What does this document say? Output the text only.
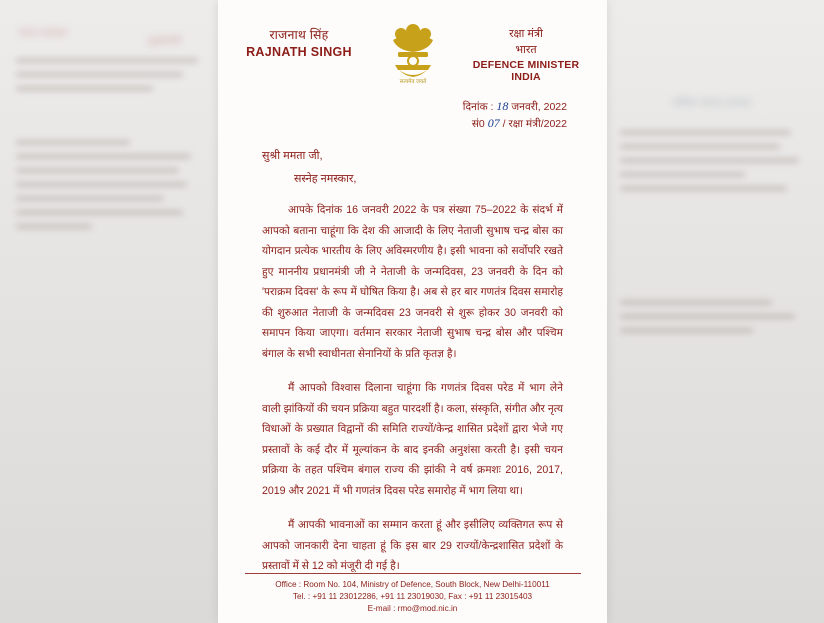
भारत सरकार
मुख्यमंत्री
पश्चिम बंगाल सरकार
राजनाथ सिंह
RAJNATH SINGH
सत्यमेव जयते
रक्षा मंत्री
भारत
DEFENCE MINISTER
INDIA
दिनांक : 18 जनवरी, 2022
सं0 07 / रक्षा मंत्री/2022
सुश्री ममता जी,
सस्नेह नमस्कार,
आपके दिनांक 16 जनवरी 2022 के पत्र संख्या 75–2022 के संदर्भ में आपको बताना चाहूंगा कि देश की आजादी के लिए नेताजी सुभाष चन्द्र बोस का योगदान प्रत्येक भारतीय के लिए अविस्मरणीय है। इसी भावना को सर्वोपरि रखते हुए माननीय प्रधानमंत्री जी ने नेताजी के जन्मदिवस, 23 जनवरी के दिन को 'पराक्रम दिवस' के रूप में घोषित किया है। अब से हर बार गणतंत्र दिवस समारोह की शुरुआत नेताजी के जन्मदिवस 23 जनवरी से शुरू होकर 30 जनवरी को समापन किया जाएगा। वर्तमान सरकार नेताजी सुभाष चन्द्र बोस और पश्चिम बंगाल के सभी स्वाधीनता सेनानियों के प्रति कृतज्ञ है।
मैं आपको विश्वास दिलाना चाहूंगा कि गणतंत्र दिवस परेड में भाग लेने वाली झांकियों की चयन प्रक्रिया बहुत पारदर्शी है। कला, संस्कृति, संगीत और नृत्य विधाओं के प्रख्यात विद्वानों की समिति राज्यों/केन्द्र शासित प्रदेशों द्वारा भेजे गए प्रस्तावों के कई दौर में मूल्यांकन के बाद इनकी अनुशंसा करती है। इसी चयन प्रक्रिया के तहत पश्चिम बंगाल राज्य की झांकी ने वर्ष क्रमशः 2016, 2017, 2019 और 2021 में भी गणतंत्र दिवस परेड समारोह में भाग लिया था।
मैं आपकी भावनाओं का सम्मान करता हूं और इसीलिए व्यक्तिगत रूप से आपको जानकारी देना चाहता हूं कि इस बार 29 राज्यों/केन्द्रशासित प्रदेशों के प्रस्तावों में से 12 को मंजूरी दी गई है।
Office : Room No. 104, Ministry of Defence, South Block, New Delhi-110011
Tel. : +91 11 23012286, +91 11 23019030, Fax : +91 11 23015403
E-mail : rmo@mod.nic.in
